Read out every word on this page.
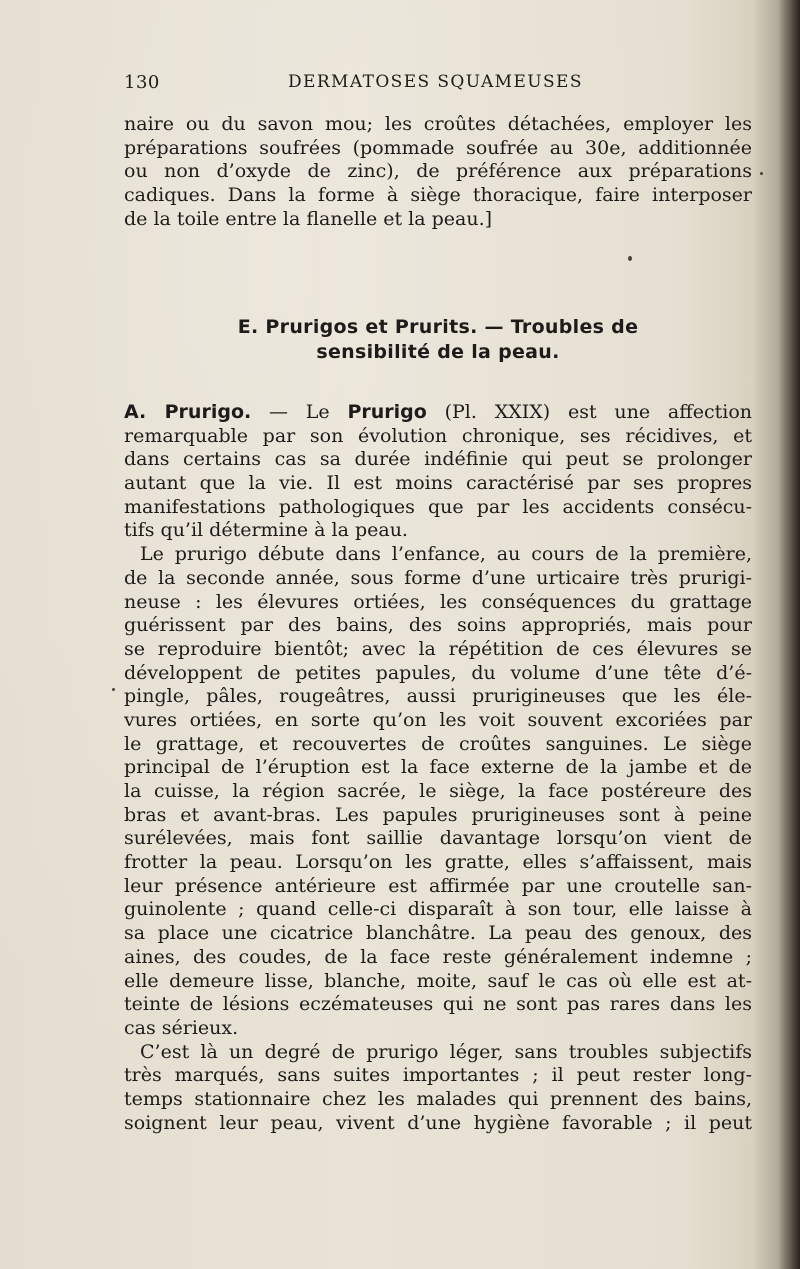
130	DERMATOSES SQUAMEUSES
naire ou du savon mou; les croûtes détachées, employer les
préparations soufrées (pommade soufrée au 30e, additionnée
ou non d’oxyde de zinc), de préférence aux préparations
cadiques. Dans la forme à siège thoracique, faire interposer
de la toile entre la flanelle et la peau.]
E. Prurigos et Prurits. — Troubles de
sensibilité de la peau.
A. Prurigo. — Le Prurigo (Pl. XXIX) est une affection
remarquable par son évolution chronique, ses récidives, et
dans certains cas sa durée indéfinie qui peut se prolonger
autant que la vie. Il est moins caractérisé par ses propres
manifestations pathologiques que par les accidents consécu-
tifs qu’il détermine à la peau.
Le prurigo débute dans l’enfance, au cours de la première,
de la seconde année, sous forme d’une urticaire très prurigi-
neuse : les élevures ortiées, les conséquences du grattage
guérissent par des bains, des soins appropriés, mais pour
se reproduire bientôt; avec la répétition de ces élevures se
développent de petites papules, du volume d’une tête d’é-
pingle, pâles, rougeâtres, aussi prurigineuses que les éle-
vures ortiées, en sorte qu’on les voit souvent excoriées par
le grattage, et recouvertes de croûtes sanguines. Le siège
principal de l’éruption est la face externe de la jambe et de
la cuisse, la région sacrée, le siège, la face postéreure des
bras et avant-bras. Les papules prurigineuses sont à peine
surélevées, mais font saillie davantage lorsqu’on vient de
frotter la peau. Lorsqu’on les gratte, elles s’affaissent, mais
leur présence antérieure est affirmée par une croutelle san-
guinolente ; quand celle-ci disparaît à son tour, elle laisse à
sa place une cicatrice blanchâtre. La peau des genoux, des
aines, des coudes, de la face reste généralement indemne ;
elle demeure lisse, blanche, moite, sauf le cas où elle est at-
teinte de lésions eczémateuses qui ne sont pas rares dans les
cas sérieux.
C’est là un degré de prurigo léger, sans troubles subjectifs
très marqués, sans suites importantes ; il peut rester long-
temps stationnaire chez les malades qui prennent des bains,
soignent leur peau, vivent d’une hygiène favorable ; il peut
